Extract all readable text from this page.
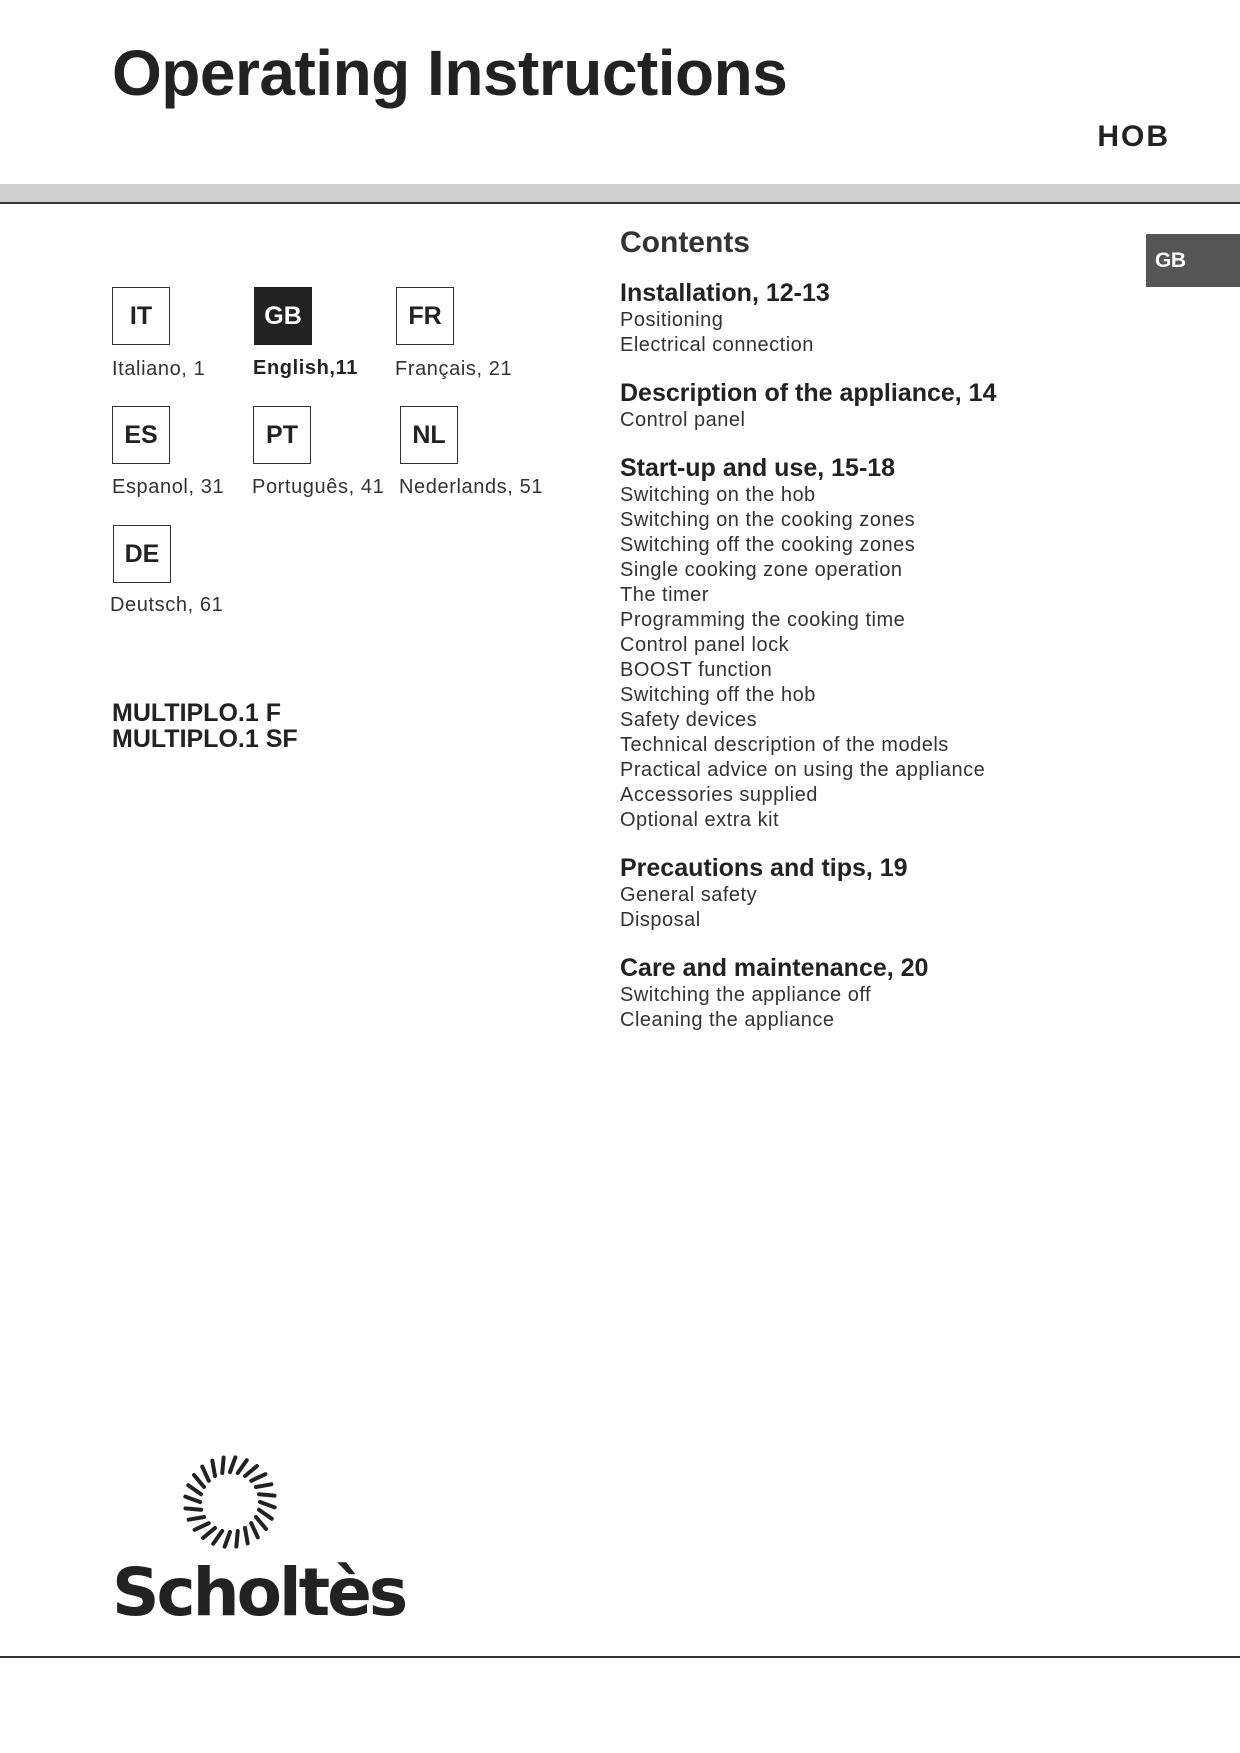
Operating Instructions
HOB
GB
IT
Italiano, 1
GB
English,11
FR
Français, 21
ES
Espanol, 31
PT
Português, 41
NL
Nederlands, 51
DE
Deutsch, 61
MULTIPLO.1 F
MULTIPLO.1 SF
Contents
Installation, 12-13
Positioning
Electrical connection
Description of the appliance, 14
Control panel
Start-up and use, 15-18
Switching on the hob
Switching on the cooking zones
Switching off the cooking zones
Single cooking zone operation
The timer
Programming the cooking time
Control panel lock
BOOST function
Switching off the hob
Safety devices
Technical description of the models
Practical advice on using the appliance
Accessories supplied
Optional extra kit
Precautions and tips, 19
General safety
Disposal
Care and maintenance, 20
Switching the appliance off
Cleaning the appliance
Scholtès
